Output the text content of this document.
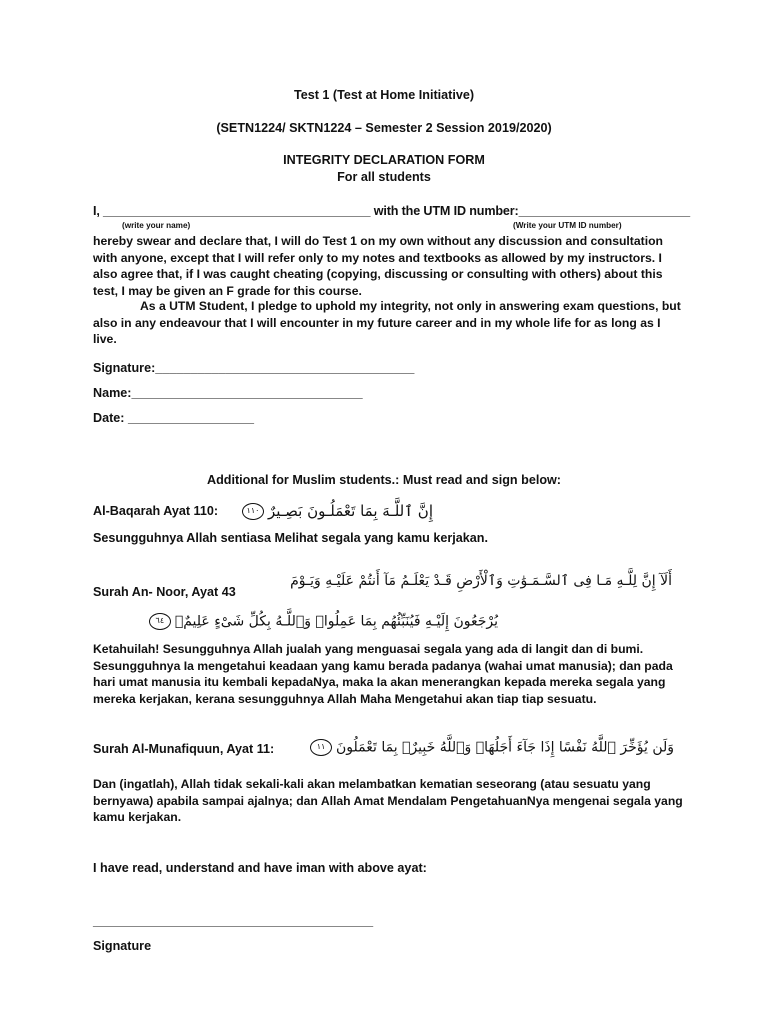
Test 1 (Test at Home Initiative)
(SETN1224/ SKTN1224 – Semester 2 Session 2019/2020)
INTEGRITY DECLARATION FORM
For all students
I, _______________________________________ with the UTM ID number:_________________________
(write your name)	(Write your UTM ID number)
hereby swear and declare that, I will do Test 1 on my own without any discussion and consultation with anyone, except that I will refer only to my notes and textbooks as allowed by my instructors. I also agree that, if I was caught cheating (copying, discussing or consulting with others) about this test, I may be given an F grade for this course.
As a UTM Student, I pledge to uphold my integrity, not only in answering exam questions, but also in any endeavour that I will encounter in my future career and in my whole life for as long as I live.
Signature:_____________________________________
Name:_________________________________
Date: __________________
Additional for Muslim students.: Must read and sign below:
Al-Baqarah Ayat 110:	إِنَّ ٱللَّـهَ بِمَا تَعْمَلُـونَ بَصِـيرٌ١١٠
Sesungguhnya Allah sentiasa Melihat segala yang kamu kerjakan.
Surah An- Noor, Ayat 43
أَلَآ إِنَّ لِلَّـهِ مَـا فِى ٱلسَّـمَـوَٰتِ وَٱلْأَرْضِ قَـدْ يَعْلَـمُ مَآ أَنتُمْ عَلَيْـهِ وَيَـوْمَ
يُرْجَعُونَ إِلَيْـهِ فَيُنَبِّئُهُم بِمَا عَمِلُواۗ وَٱللَّـهُ بِكُلِّ شَىْءٍ عَلِيمٌۢ٦٤
Ketahuilah! Sesungguhnya Allah jualah yang menguasai segala yang ada di langit dan di bumi. Sesungguhnya Ia mengetahui keadaan yang kamu berada padanya (wahai umat manusia); dan pada hari umat manusia itu kembali kepadaNya, maka Ia akan menerangkan kepada mereka segala yang mereka kerjakan, kerana sesungguhnya Allah Maha Mengetahui akan tiap tiap sesuatu.
Surah Al-Munafiquun, Ayat 11:	وَلَن يُؤَخِّرَ ٱللَّهُ نَفْسًا إِذَا جَآءَ أَجَلُهَاۚ وَٱللَّهُ خَبِيرٌۢ بِمَا تَعْمَلُونَ١١
Dan (ingatlah), Allah tidak sekali-kali akan melambatkan kematian seseorang (atau sesuatu yang bernyawa) apabila sampai ajalnya; dan Allah Amat Mendalam PengetahuanNya mengenai segala yang kamu kerjakan.
I have read, understand and have iman with above ayat:
________________________________________
Signature
